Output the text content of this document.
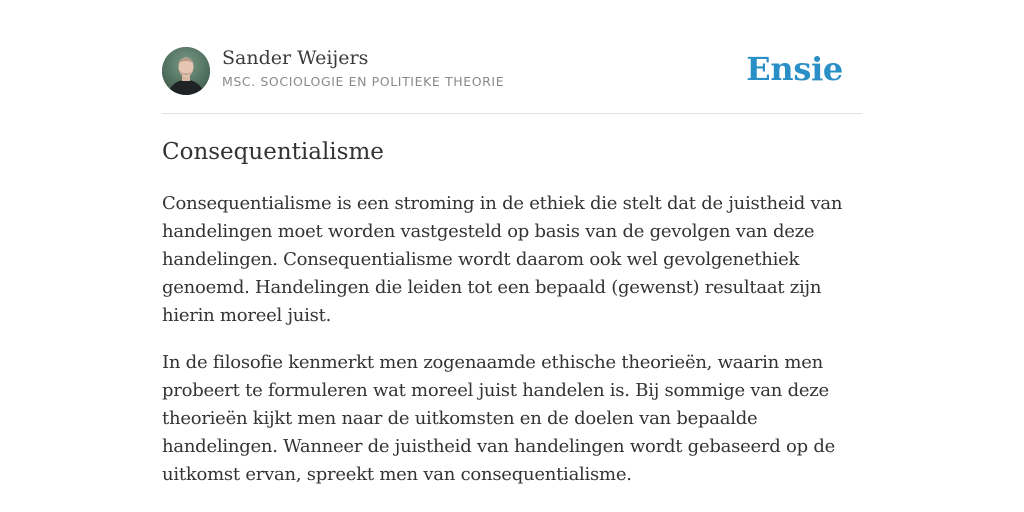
Sander Weijers
MSC. SOCIOLOGIE EN POLITIEKE THEORIE	Ensie
Consequentialisme

Consequentialisme is een stroming in de ethiek die stelt dat de juistheid van handelingen moet worden vastgesteld op basis van de gevolgen van deze handelingen. Consequentialisme wordt daarom ook wel gevolgenethiek genoemd. Handelingen die leiden tot een bepaald (gewenst) resultaat zijn hierin moreel juist.

In de filosofie kenmerkt men zogenaamde ethische theorieën, waarin men probeert te formuleren wat moreel juist handelen is. Bij sommige van deze theorieën kijkt men naar de uitkomsten en de doelen van bepaalde handelingen. Wanneer de juistheid van handelingen wordt gebaseerd op de uitkomst ervan, spreekt men van consequentialisme.
